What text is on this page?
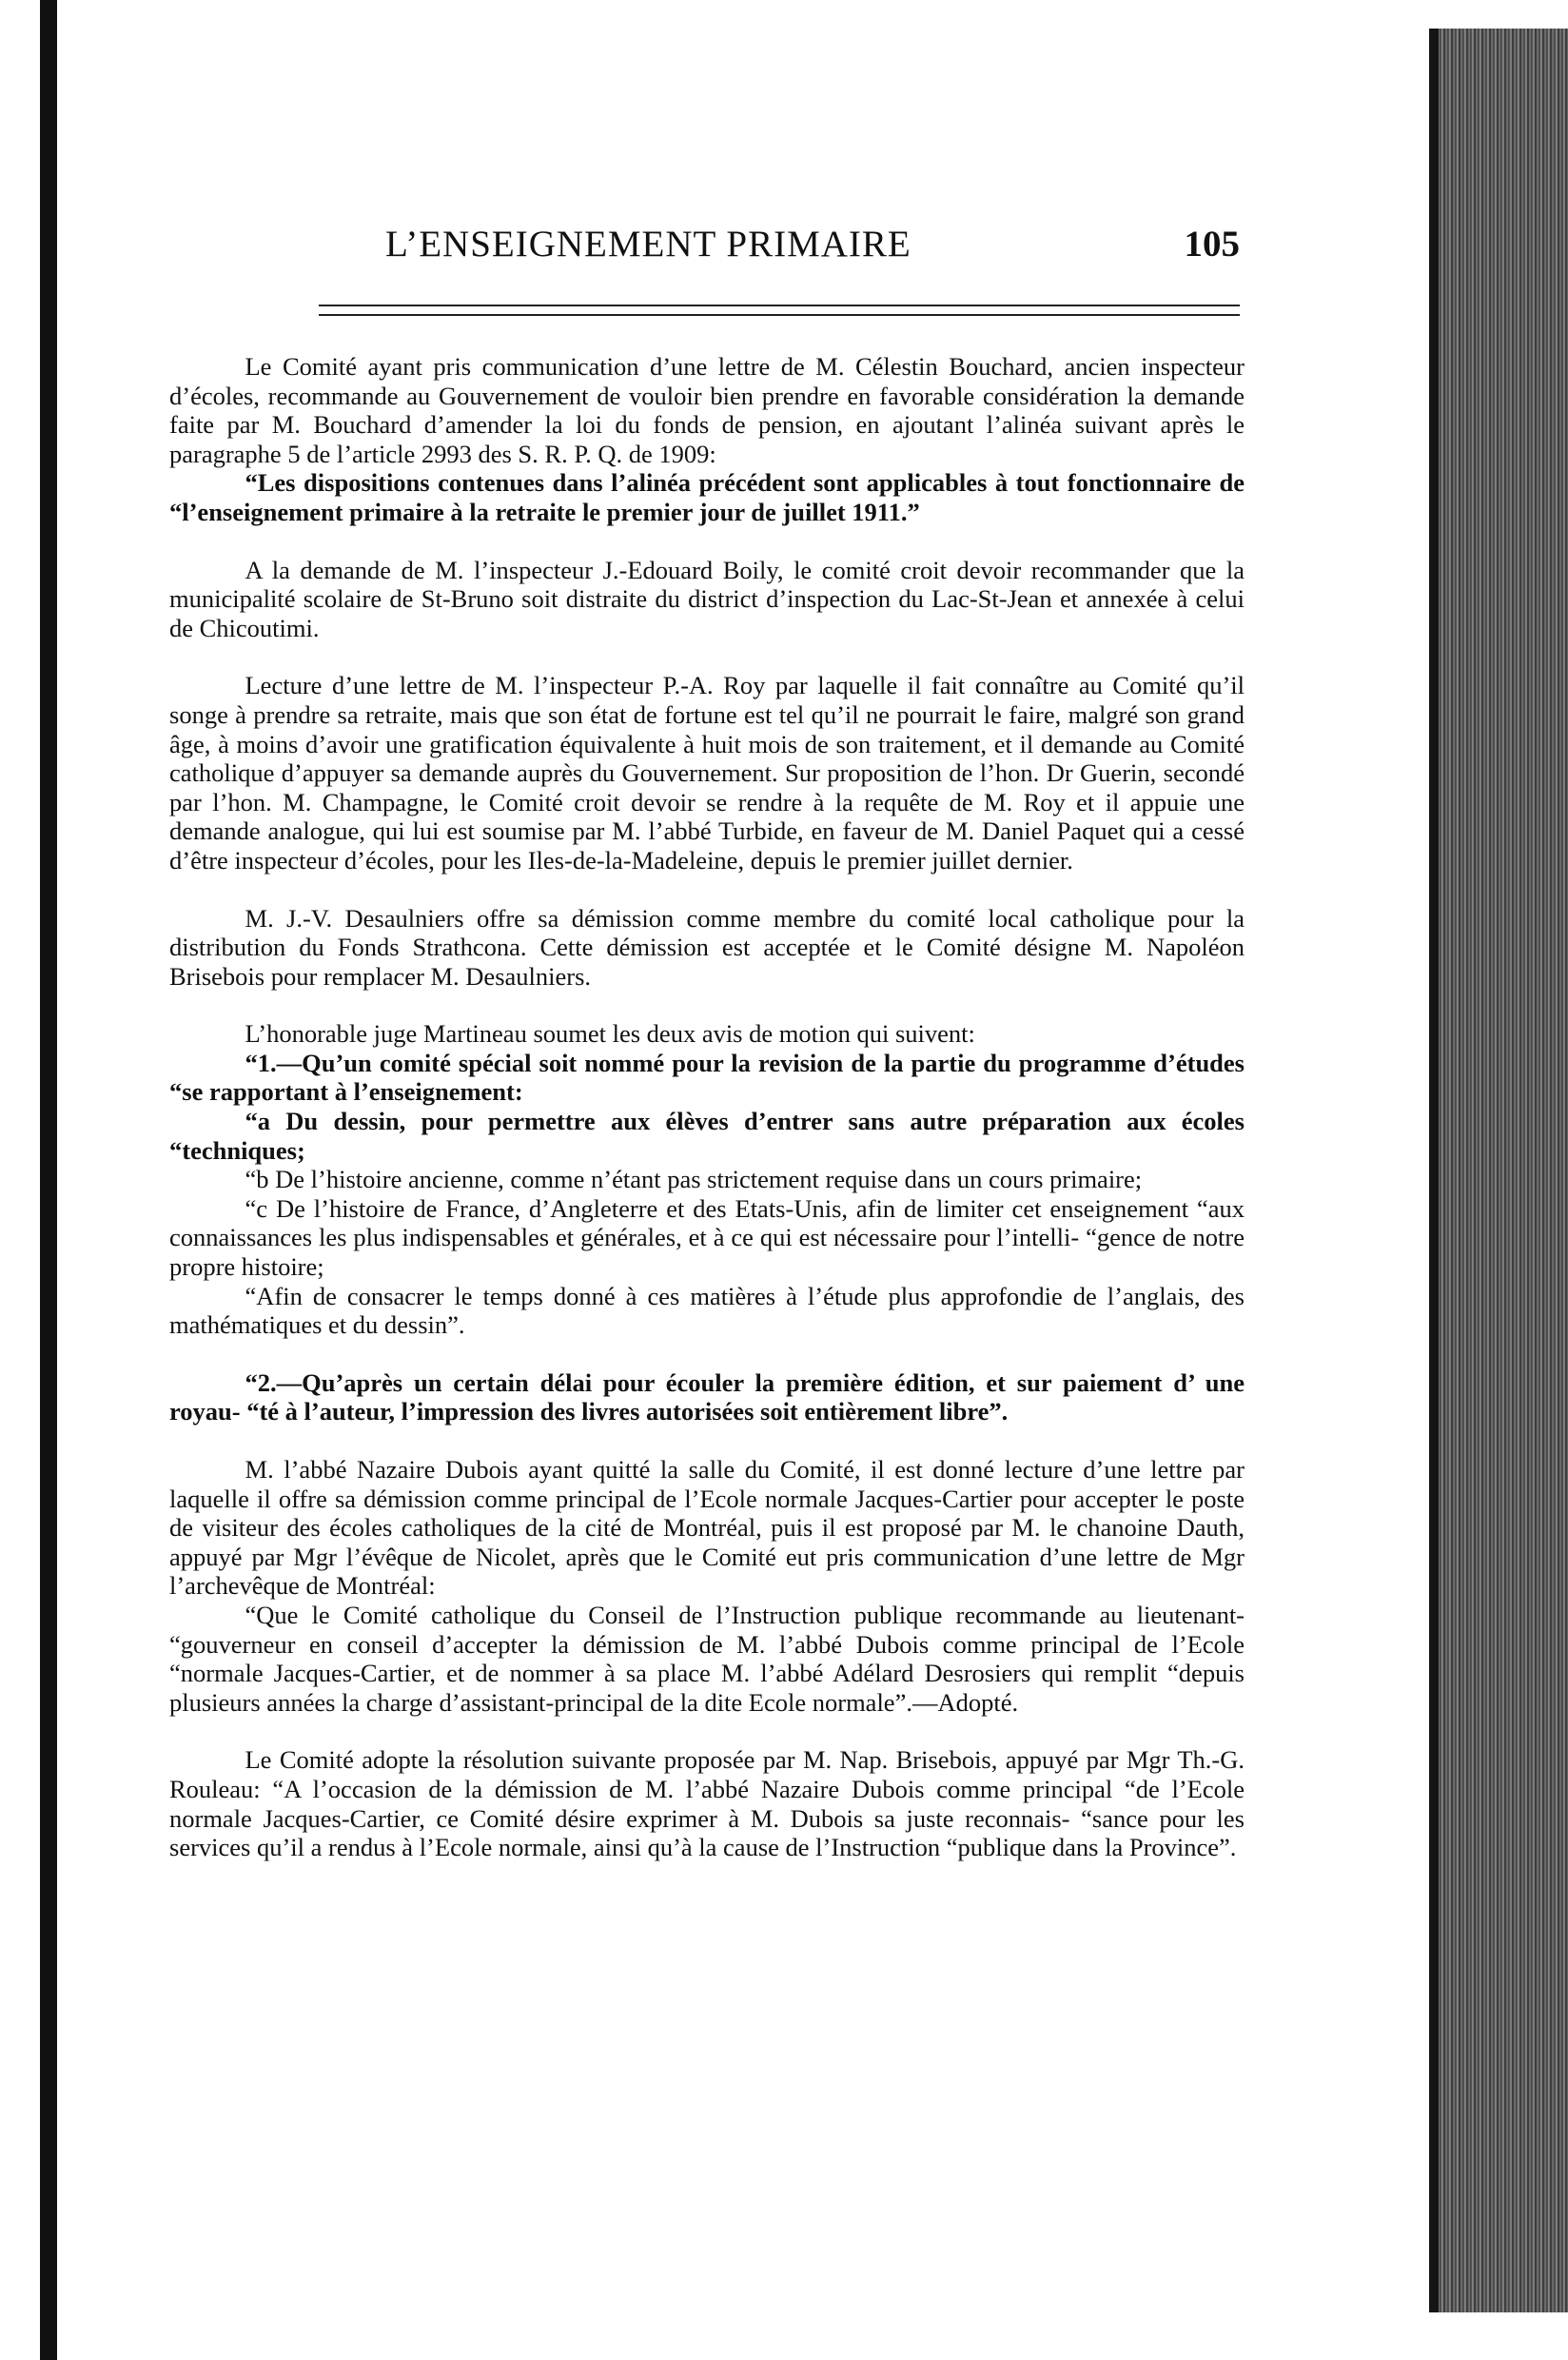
L’ENSEIGNEMENT PRIMAIRE	105

Le Comité ayant pris communication d’une lettre de M. Célestin Bouchard, ancien inspecteur d’écoles, recommande au Gouvernement de vouloir bien prendre en favorable considération la demande faite par M. Bouchard d’amender la loi du fonds de pension, en ajoutant l’alinéa suivant après le paragraphe 5 de l’article 2993 des S. R. P. Q. de 1909:

“Les dispositions contenues dans l’alinéa précédent sont applicables à tout fonctionnaire de “l’enseignement primaire à la retraite le premier jour de juillet 1911.”

A la demande de M. l’inspecteur J.-Edouard Boily, le comité croit devoir recommander que la municipalité scolaire de St-Bruno soit distraite du district d’inspection du Lac-St-Jean et annexée à celui de Chicoutimi.

Lecture d’une lettre de M. l’inspecteur P.-A. Roy par laquelle il fait connaître au Comité qu’il songe à prendre sa retraite, mais que son état de fortune est tel qu’il ne pourrait le faire, malgré son grand âge, à moins d’avoir une gratification équivalente à huit mois de son traitement, et il demande au Comité catholique d’appuyer sa demande auprès du Gouvernement. Sur proposition de l’hon. Dr Guerin, secondé par l’hon. M. Champagne, le Comité croit devoir se rendre à la requête de M. Roy et il appuie une demande analogue, qui lui est soumise par M. l’abbé Turbide, en faveur de M. Daniel Paquet qui a cessé d’être inspecteur d’écoles, pour les Iles-de-la-Madeleine, depuis le premier juillet dernier.

M. J.-V. Desaulniers offre sa démission comme membre du comité local catholique pour la distribution du Fonds Strathcona. Cette démission est acceptée et le Comité désigne M. Napoléon Brisebois pour remplacer M. Desaulniers.

L’honorable juge Martineau soumet les deux avis de motion qui suivent:

“1.—Qu’un comité spécial soit nommé pour la revision de la partie du programme d’études “se rapportant à l’enseignement:

“a Du dessin, pour permettre aux élèves d’entrer sans autre préparation aux écoles “techniques;

“b De l’histoire ancienne, comme n’étant pas strictement requise dans un cours primaire;

“c De l’histoire de France, d’Angleterre et des Etats-Unis, afin de limiter cet enseignement “aux connaissances les plus indispensables et générales, et à ce qui est nécessaire pour l’intelli- “gence de notre propre histoire;

“Afin de consacrer le temps donné à ces matières à l’étude plus approfondie de l’anglais, des mathématiques et du dessin”.

“2.—Qu’après un certain délai pour écouler la première édition, et sur paiement d’ une royau- “té à l’auteur, l’impression des livres autorisées soit entièrement libre”.

M. l’abbé Nazaire Dubois ayant quitté la salle du Comité, il est donné lecture d’une lettre par laquelle il offre sa démission comme principal de l’Ecole normale Jacques-Cartier pour accepter le poste de visiteur des écoles catholiques de la cité de Montréal, puis il est proposé par M. le chanoine Dauth, appuyé par Mgr l’évêque de Nicolet, après que le Comité eut pris communication d’une lettre de Mgr l’archevêque de Montréal:

“Que le Comité catholique du Conseil de l’Instruction publique recommande au lieutenant- “gouverneur en conseil d’accepter la démission de M. l’abbé Dubois comme principal de l’Ecole “normale Jacques-Cartier, et de nommer à sa place M. l’abbé Adélard Desrosiers qui remplit “depuis plusieurs années la charge d’assistant-principal de la dite Ecole normale”.—Adopté.

Le Comité adopte la résolution suivante proposée par M. Nap. Brisebois, appuyé par Mgr Th.-G. Rouleau: “A l’occasion de la démission de M. l’abbé Nazaire Dubois comme principal “de l’Ecole normale Jacques-Cartier, ce Comité désire exprimer à M. Dubois sa juste reconnais- “sance pour les services qu’il a rendus à l’Ecole normale, ainsi qu’à la cause de l’Instruction “publique dans la Province”.
